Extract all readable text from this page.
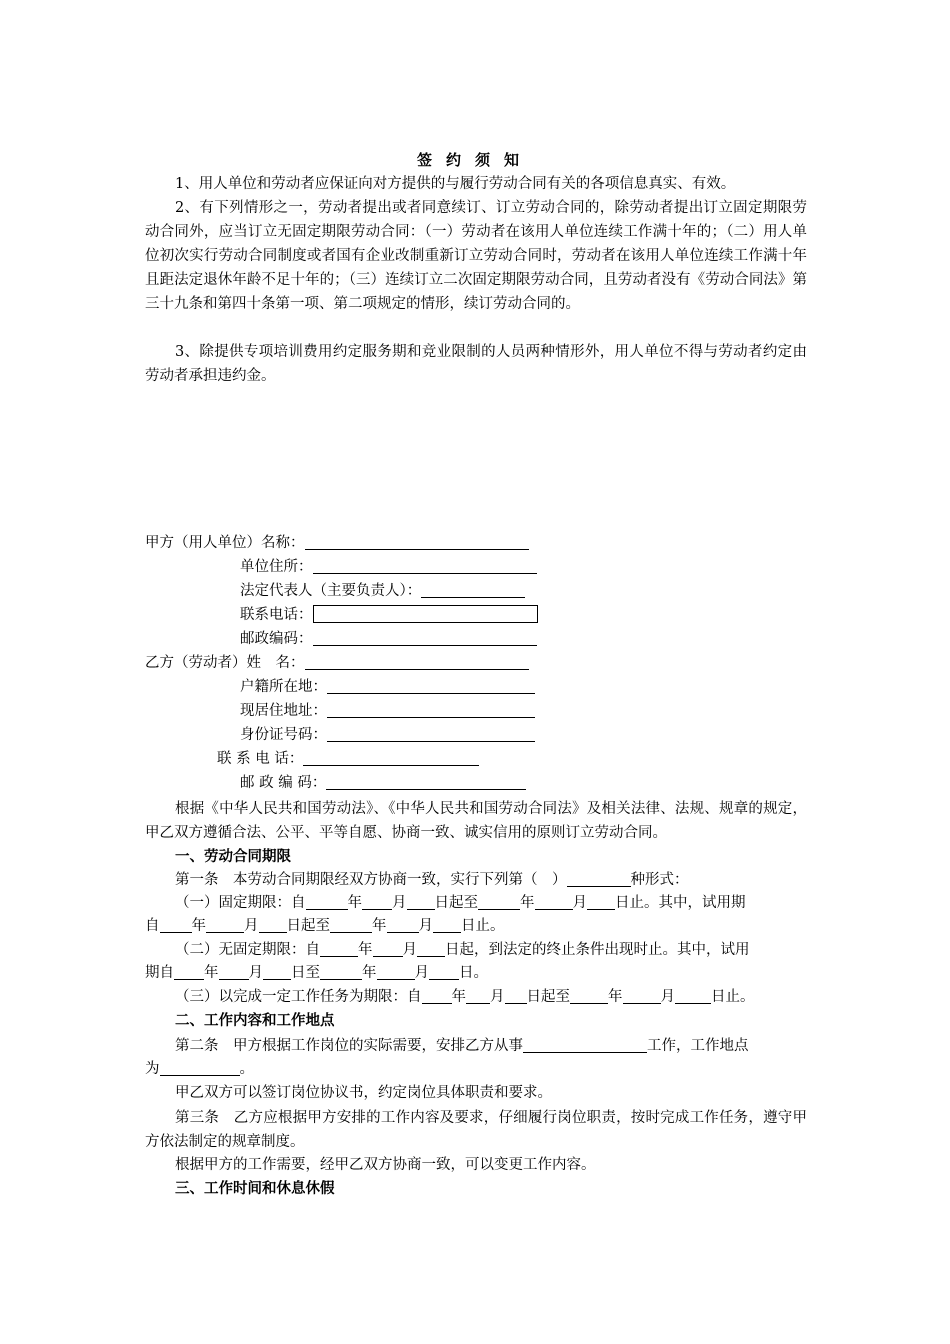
签约须知
1、用人单位和劳动者应保证向对方提供的与履行劳动合同有关的各项信息真实、有效。
2、有下列情形之一，劳动者提出或者同意续订、订立劳动合同的，除劳动者提出订立固定期限劳动合同外，应当订立无固定期限劳动合同：（一）劳动者在该用人单位连续工作满十年的；（二）用人单位初次实行劳动合同制度或者国有企业改制重新订立劳动合同时，劳动者在该用人单位连续工作满十年且距法定退休年龄不足十年的；（三）连续订立二次固定期限劳动合同，且劳动者没有《劳动合同法》第三十九条和第四十条第一项、第二项规定的情形，续订劳动合同的。
3、除提供专项培训费用约定服务期和竞业限制的人员两种情形外，用人单位不得与劳动者约定由劳动者承担违约金。
甲方（用人单位）名称：
单位住所：
法定代表人（主要负责人）：
联系电话：
邮政编码：
乙方（劳动者）姓　名：
户籍所在地：
现居住地址：
身份证号码：
联 系 电 话：
邮 政 编 码：
根据《中华人民共和国劳动法》、《中华人民共和国劳动合同法》及相关法律、法规、规章的规定，甲乙双方遵循合法、公平、平等自愿、协商一致、诚实信用的原则订立劳动合同。
一、劳动合同期限
第一条　本劳动合同期限经双方协商一致，实行下列第（　）	种形式：
（一）固定期限：自	年 月 日起至	年	月 日止。其中，试用期
自 年	月 日起至	年 月 日止。
（二）无固定期限：自	年 月 日起，到法定的终止条件出现时止。其中，试用
期自 年 月 日至	年	月 日。
（三）以完成一定工作任务为期限：自 年 月 日起至	年	月 日止。
二、工作内容和工作地点
第二条　甲方根据工作岗位的实际需要，安排乙方从事	工作，工作地点
为	。
甲乙双方可以签订岗位协议书，约定岗位具体职责和要求。
第三条　乙方应根据甲方安排的工作内容及要求，仔细履行岗位职责，按时完成工作任务，遵守甲方依法制定的规章制度。
根据甲方的工作需要，经甲乙双方协商一致，可以变更工作内容。
三、工作时间和休息休假
